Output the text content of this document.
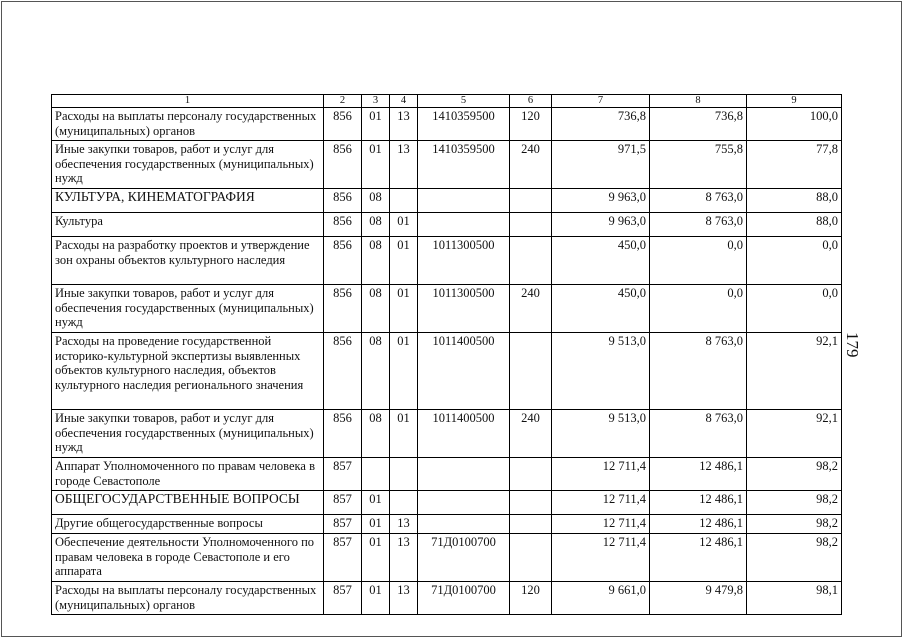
1	2	3	4	5	6	7	8	9
Расходы на выплаты персоналу государственных (муниципальных) органов	856	01	13	1410359500	120	736,8	736,8	100,0
Иные закупки товаров, работ и услуг для обеспечения государственных (муниципальных) нужд	856	01	13	1410359500	240	971,5	755,8	77,8
КУЛЬТУРА, КИНЕМАТОГРАФИЯ	856	08				9 963,0	8 763,0	88,0
Культура	856	08	01			9 963,0	8 763,0	88,0
Расходы на разработку проектов и утверждение зон охраны объектов культурного наследия	856	08	01	1011300500		450,0	0,0	0,0
Иные закупки товаров, работ и услуг для обеспечения государственных (муниципальных) нужд	856	08	01	1011300500	240	450,0	0,0	0,0
Расходы на проведение государственной историко-культурной экспертизы выявленных объектов культурного наследия, объектов культурного наследия регионального значения	856	08	01	1011400500		9 513,0	8 763,0	92,1
Иные закупки товаров, работ и услуг для обеспечения государственных (муниципальных) нужд	856	08	01	1011400500	240	9 513,0	8 763,0	92,1
Аппарат Уполномоченного по правам человека в городе Севастополе	857					12 711,4	12 486,1	98,2
ОБЩЕГОСУДАРСТВЕННЫЕ ВОПРОСЫ	857	01				12 711,4	12 486,1	98,2
Другие общегосударственные вопросы	857	01	13			12 711,4	12 486,1	98,2
Обеспечение деятельности Уполномоченного по правам человека в городе Севастополе и его аппарата	857	01	13	71Д0100700		12 711,4	12 486,1	98,2
Расходы на выплаты персоналу государственных (муниципальных) органов	857	01	13	71Д0100700	120	9 661,0	9 479,8	98,1
179
